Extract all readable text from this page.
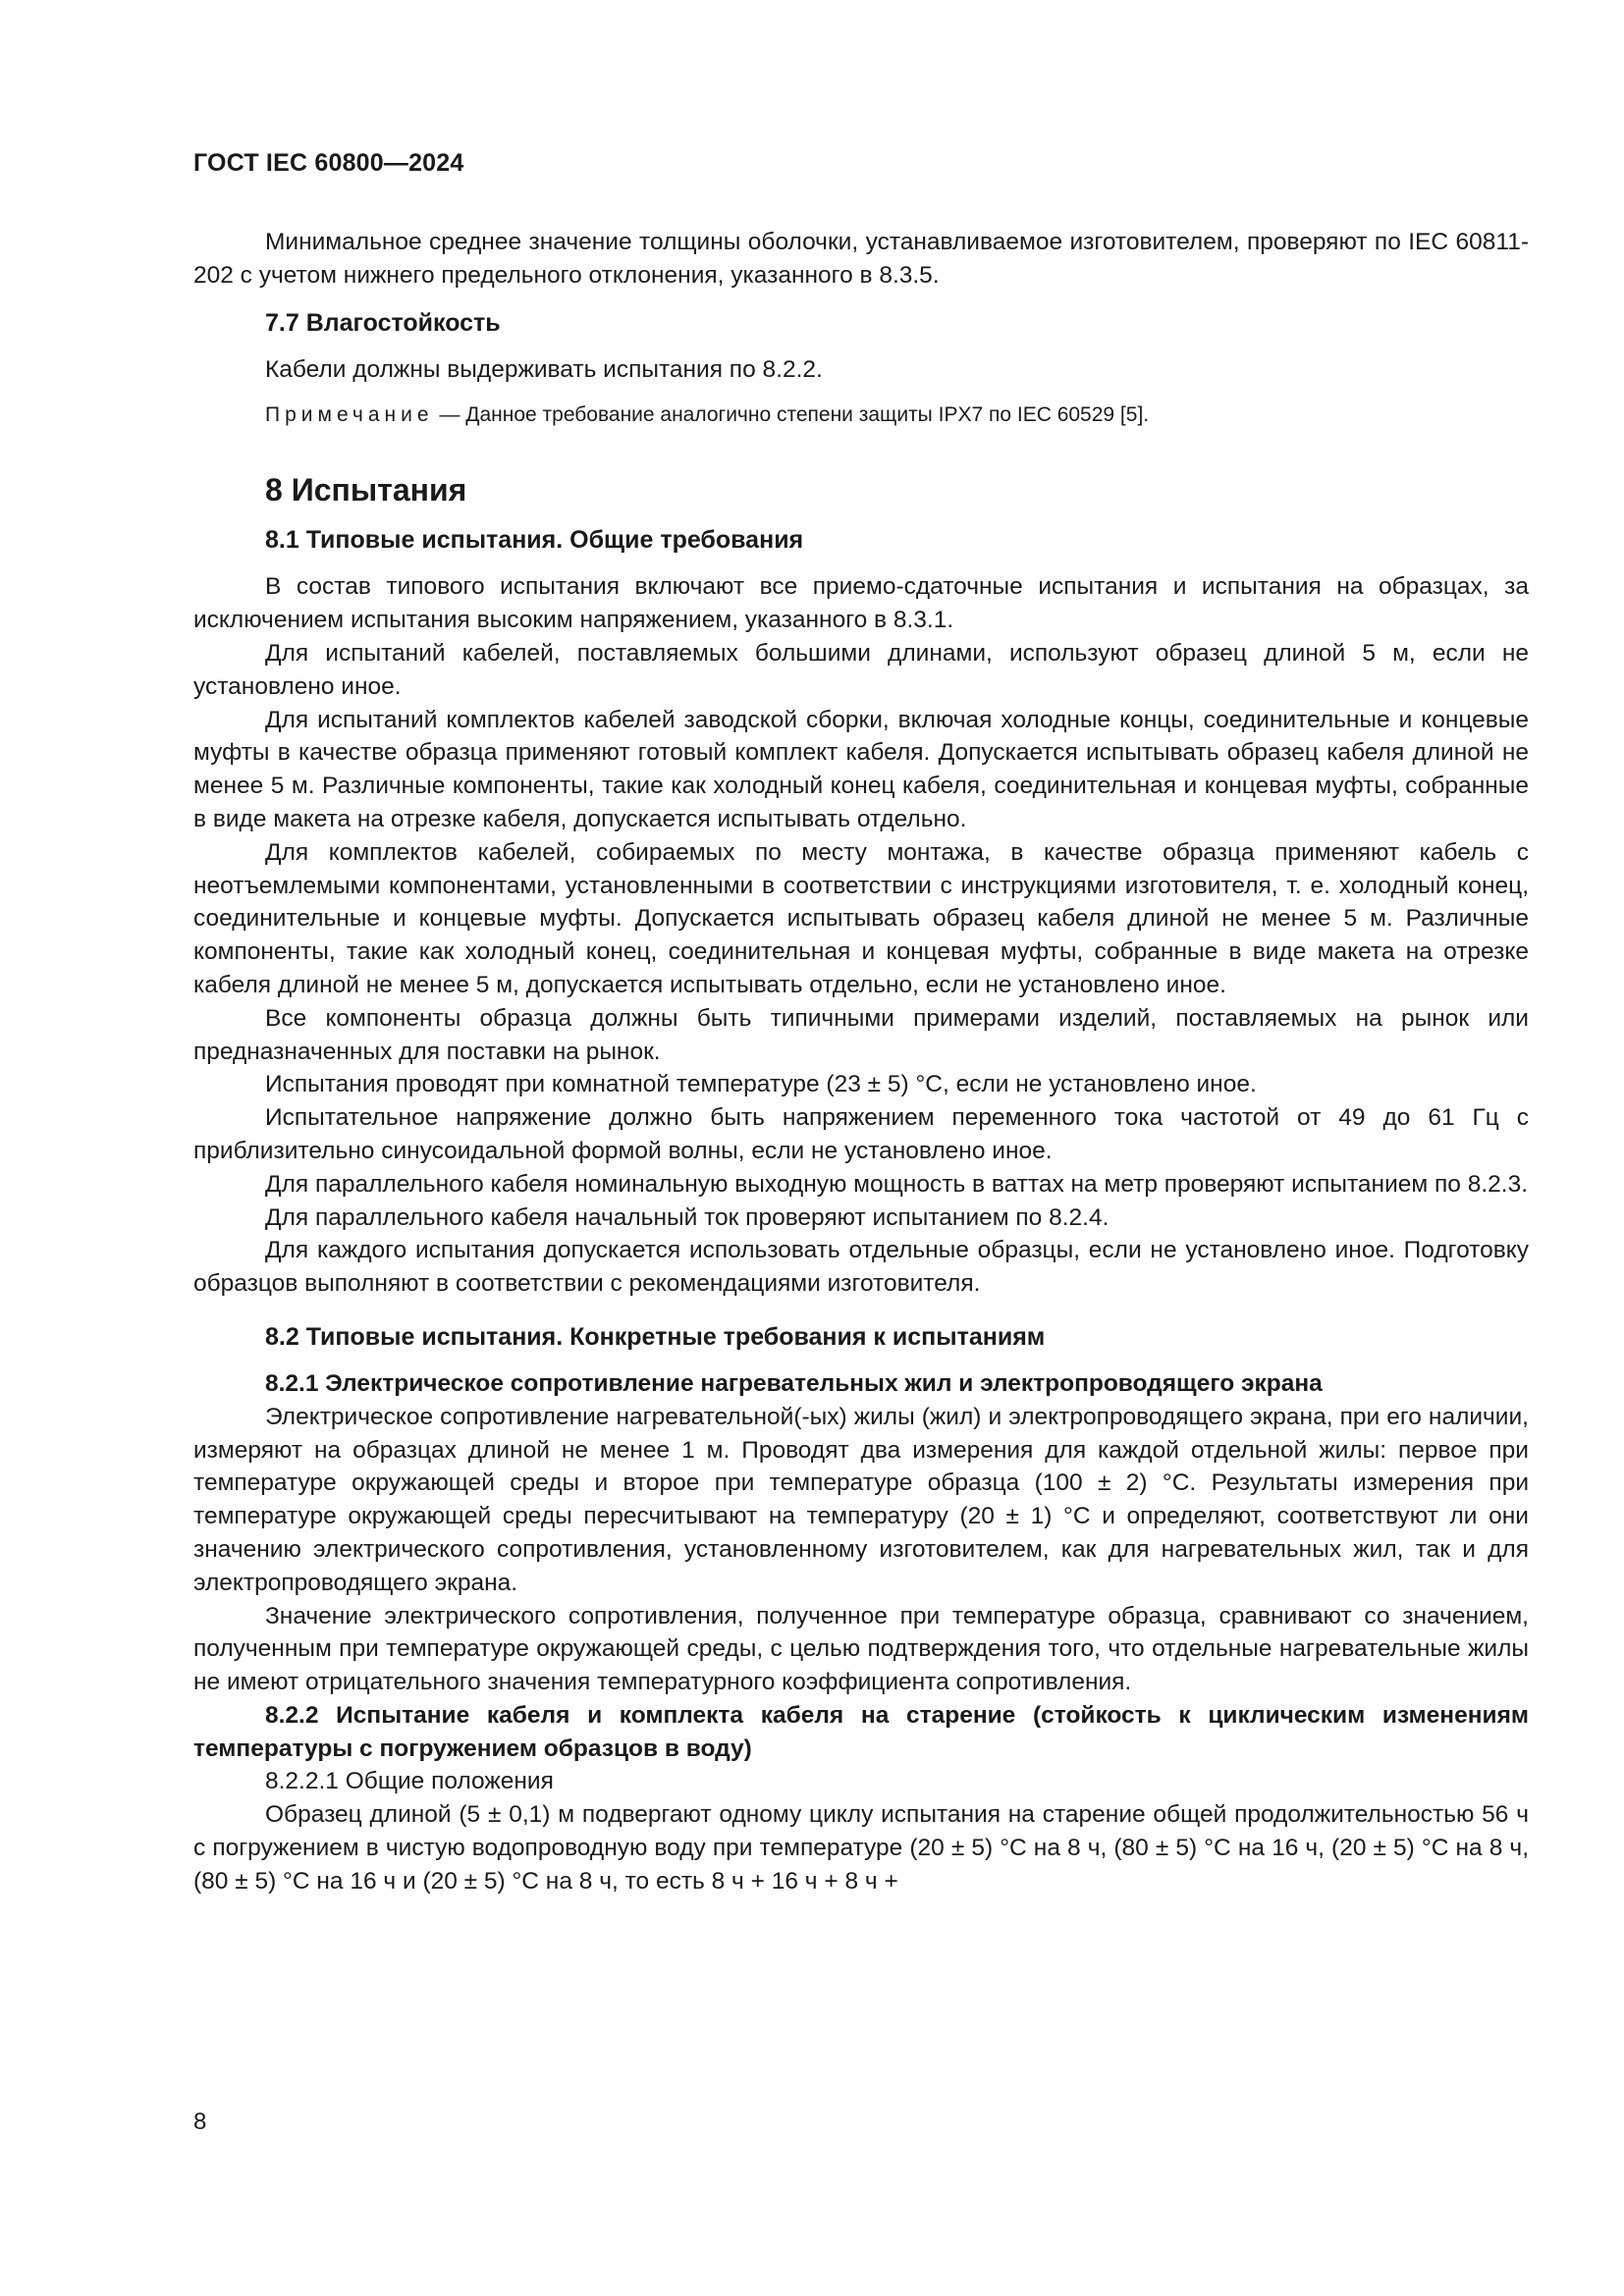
ГОСТ IEC 60800—2024

Минимальное среднее значение толщины оболочки, устанавливаемое изготовителем, проверяют по IEC 60811-202 с учетом нижнего предельного отклонения, указанного в 8.3.5.

7.7 Влагостойкость

Кабели должны выдерживать испытания по 8.2.2.

Примечание — Данное требование аналогично степени защиты IPX7 по IEC 60529 [5].
8 Испытания
8.1 Типовые испытания. Общие требования

В состав типового испытания включают все приемо-сдаточные испытания и испытания на образцах, за исключением испытания высоким напряжением, указанного в 8.3.1.

Для испытаний кабелей, поставляемых большими длинами, используют образец длиной 5 м, если не установлено иное.

Для испытаний комплектов кабелей заводской сборки, включая холодные концы, соединительные и концевые муфты в качестве образца применяют готовый комплект кабеля. Допускается испытывать образец кабеля длиной не менее 5 м. Различные компоненты, такие как холодный конец кабеля, соединительная и концевая муфты, собранные в виде макета на отрезке кабеля, допускается испытывать отдельно.

Для комплектов кабелей, собираемых по месту монтажа, в качестве образца применяют кабель с неотъемлемыми компонентами, установленными в соответствии с инструкциями изготовителя, т. е. холодный конец, соединительные и концевые муфты. Допускается испытывать образец кабеля длиной не менее 5 м. Различные компоненты, такие как холодный конец, соединительная и концевая муфты, собранные в виде макета на отрезке кабеля длиной не менее 5 м, допускается испытывать отдельно, если не установлено иное.

Все компоненты образца должны быть типичными примерами изделий, поставляемых на рынок или предназначенных для поставки на рынок.

Испытания проводят при комнатной температуре (23 ± 5) °С, если не установлено иное.

Испытательное напряжение должно быть напряжением переменного тока частотой от 49 до 61 Гц с приблизительно синусоидальной формой волны, если не установлено иное.

Для параллельного кабеля номинальную выходную мощность в ваттах на метр проверяют испытанием по 8.2.3.

Для параллельного кабеля начальный ток проверяют испытанием по 8.2.4.

Для каждого испытания допускается использовать отдельные образцы, если не установлено иное. Подготовку образцов выполняют в соответствии с рекомендациями изготовителя.

8.2 Типовые испытания. Конкретные требования к испытаниям
8.2.1 Электрическое сопротивление нагревательных жил и электропроводящего экрана

Электрическое сопротивление нагревательной(-ых) жилы (жил) и электропроводящего экрана, при его наличии, измеряют на образцах длиной не менее 1 м. Проводят два измерения для каждой отдельной жилы: первое при температуре окружающей среды и второе при температуре образца (100 ± 2) °С. Результаты измерения при температуре окружающей среды пересчитывают на температуру (20 ± 1) °С и определяют, соответствуют ли они значению электрического сопротивления, установленному изготовителем, как для нагревательных жил, так и для электропроводящего экрана.

Значение электрического сопротивления, полученное при температуре образца, сравнивают со значением, полученным при температуре окружающей среды, с целью подтверждения того, что отдельные нагревательные жилы не имеют отрицательного значения температурного коэффициента сопротивления.

8.2.2 Испытание кабеля и комплекта кабеля на старение (стойкость к циклическим изменениям температуры с погружением образцов в воду)

8.2.2.1 Общие положения

Образец длиной (5 ± 0,1) м подвергают одному циклу испытания на старение общей продолжительностью 56 ч с погружением в чистую водопроводную воду при температуре (20 ± 5) °С на 8 ч, (80 ± 5) °С на 16 ч, (20 ± 5) °С на 8 ч, (80 ± 5) °С на 16 ч и (20 ± 5) °С на 8 ч, то есть 8 ч + 16 ч + 8 ч +

8
